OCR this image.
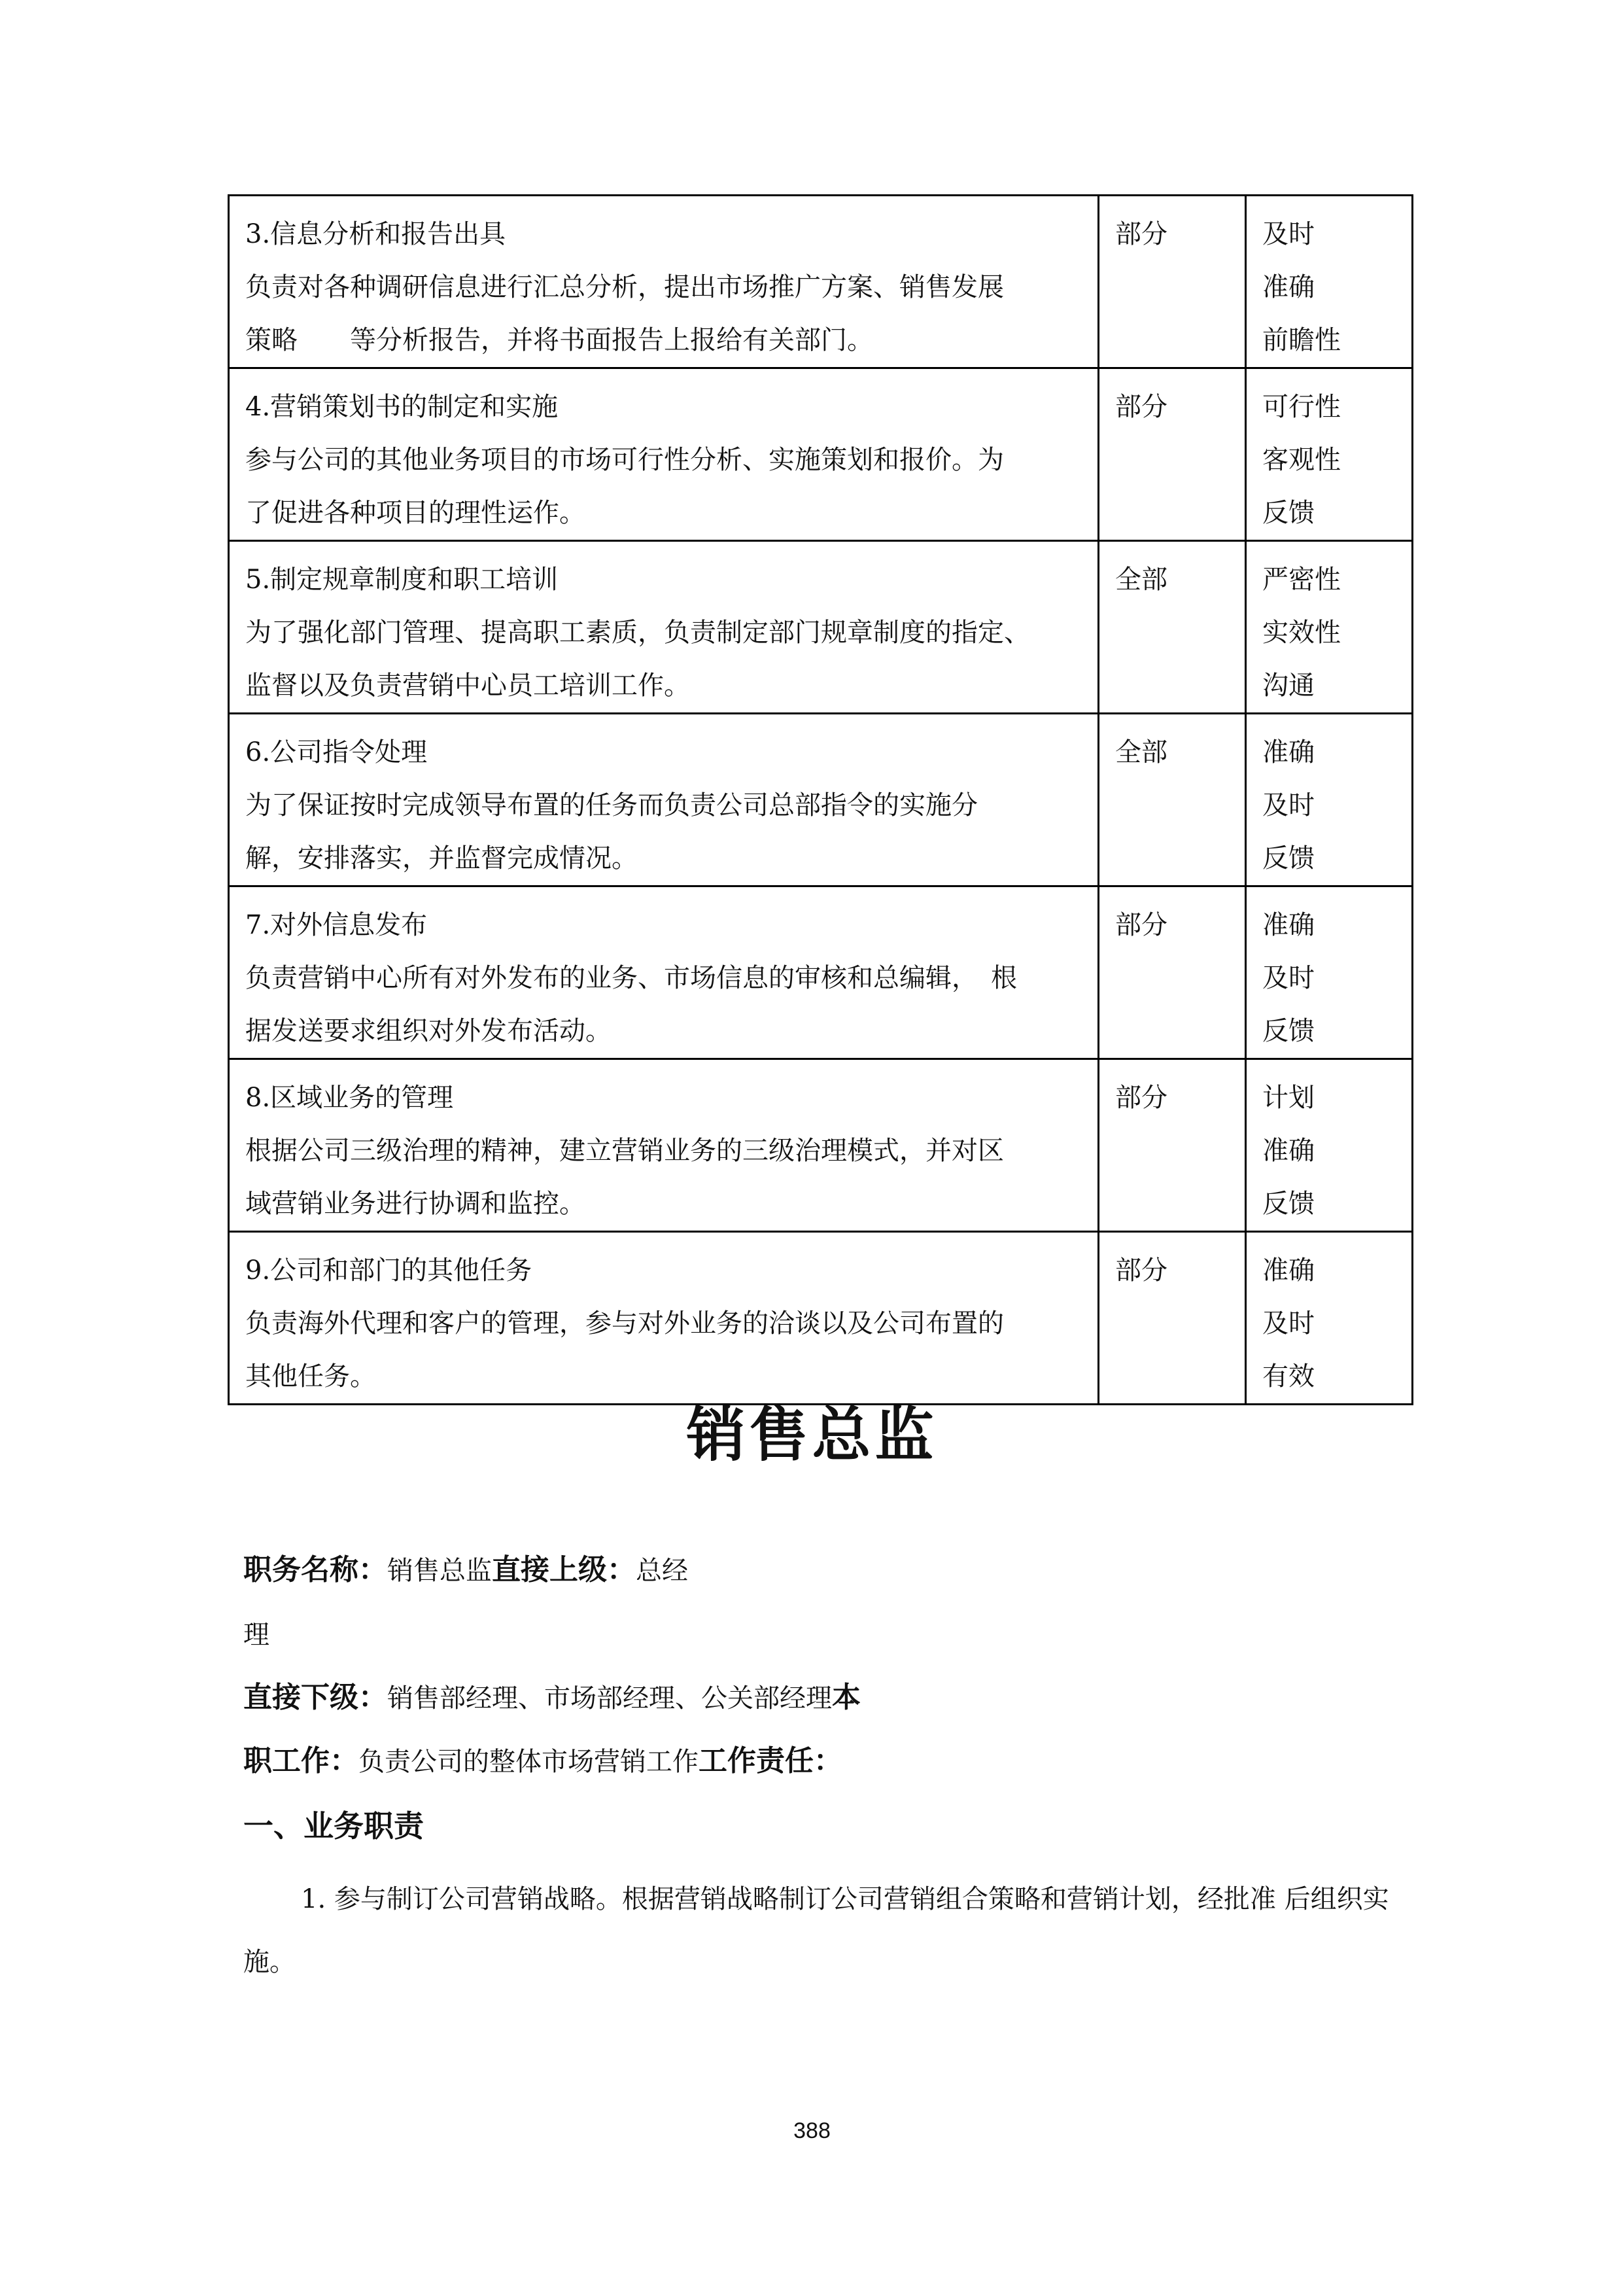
3.信息分析和报告出具
负责对各种调研信息进行汇总分析，提出市场推广方案、销售发展
策略　　等分析报告，并将书面报告上报给有关部门。	部分	及时
准确
前瞻性

4.营销策划书的制定和实施
参与公司的其他业务项目的市场可行性分析、实施策划和报价。为
了促进各种项目的理性运作。	部分	可行性
客观性
反馈

5.制定规章制度和职工培训
为了强化部门管理、提高职工素质，负责制定部门规章制度的指定、
监督以及负责营销中心员工培训工作。	全部	严密性
实效性
沟通

6.公司指令处理
为了保证按时完成领导布置的任务而负责公司总部指令的实施分
解，安排落实，并监督完成情况。	全部	准确
及时
反馈

7.对外信息发布
负责营销中心所有对外发布的业务、市场信息的审核和总编辑，　根
据发送要求组织对外发布活动。	部分	准确
及时
反馈

8.区域业务的管理
根据公司三级治理的精神，建立营销业务的三级治理模式，并对区
域营销业务进行协调和监控。	部分	计划
准确
反馈

9.公司和部门的其他任务
负责海外代理和客户的管理，参与对外业务的洽谈以及公司布置的
其他任务。	部分	准确
及时
有效
销售总监
职务名称：销售总监直接上级：总经
理
直接下级：销售部经理、市场部经理、公关部经理本
职工作：负责公司的整体市场营销工作工作责任：
一、业务职责
1. 参与制订公司营销战略。根据营销战略制订公司营销组合策略和营销计划，经批准 后组织实施。
388
